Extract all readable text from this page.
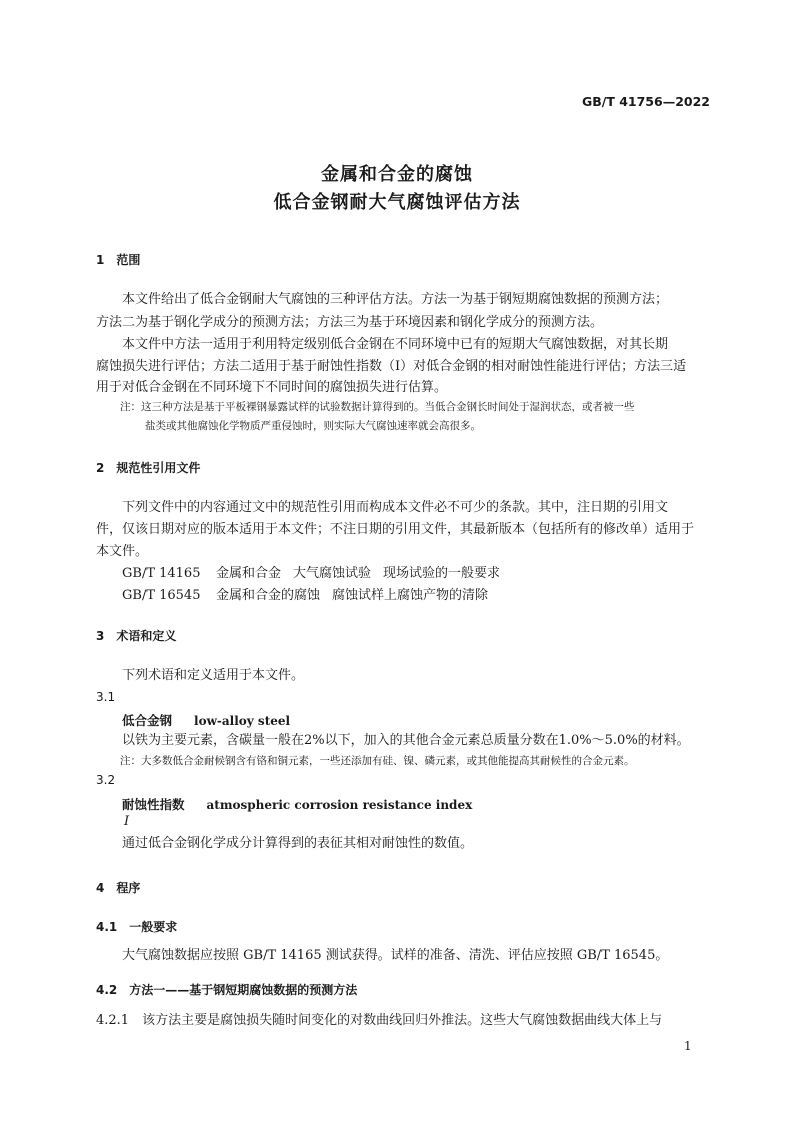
GB/T 41756—2022
金属和合金的腐蚀
低合金钢耐大气腐蚀评估方法
1　范围
本文件给出了低合金钢耐大气腐蚀的三种评估方法。方法一为基于钢短期腐蚀数据的预测方法；
方法二为基于钢化学成分的预测方法；方法三为基于环境因素和钢化学成分的预测方法。
本文件中方法一适用于利用特定级别低合金钢在不同环境中已有的短期大气腐蚀数据，对其长期
腐蚀损失进行评估；方法二适用于基于耐蚀性指数（I）对低合金钢的相对耐蚀性能进行评估；方法三适
用于对低合金钢在不同环境下不同时间的腐蚀损失进行估算。
注：这三种方法是基于平板裸钢暴露试样的试验数据计算得到的。当低合金钢长时间处于湿润状态，或者被一些
盐类或其他腐蚀化学物质严重侵蚀时，则实际大气腐蚀速率就会高很多。
2　规范性引用文件
下列文件中的内容通过文中的规范性引用而构成本文件必不可少的条款。其中，注日期的引用文
件，仅该日期对应的版本适用于本文件；不注日期的引用文件，其最新版本（包括所有的修改单）适用于
本文件。
GB/T 14165 金属和合金 大气腐蚀试验 现场试验的一般要求
GB/T 16545 金属和合金的腐蚀 腐蚀试样上腐蚀产物的清除
3　术语和定义
下列术语和定义适用于本文件。
3.1
低合金钢 low-alloy steel
以铁为主要元素，含碳量一般在2%以下，加入的其他合金元素总质量分数在1.0%～5.0%的材料。
注：大多数低合金耐候钢含有铬和铜元素，一些还添加有硅、镍、磷元素，或其他能提高其耐候性的合金元素。
3.2
耐蚀性指数 atmospheric corrosion resistance index
I
通过低合金钢化学成分计算得到的表征其相对耐蚀性的数值。
4　程序
4.1　一般要求
大气腐蚀数据应按照 GB/T 14165 测试获得。试样的准备、清洗、评估应按照 GB/T 16545。
4.2　方法一——基于钢短期腐蚀数据的预测方法
4.2.1　该方法主要是腐蚀损失随时间变化的对数曲线回归外推法。这些大气腐蚀数据曲线大体上与
1
